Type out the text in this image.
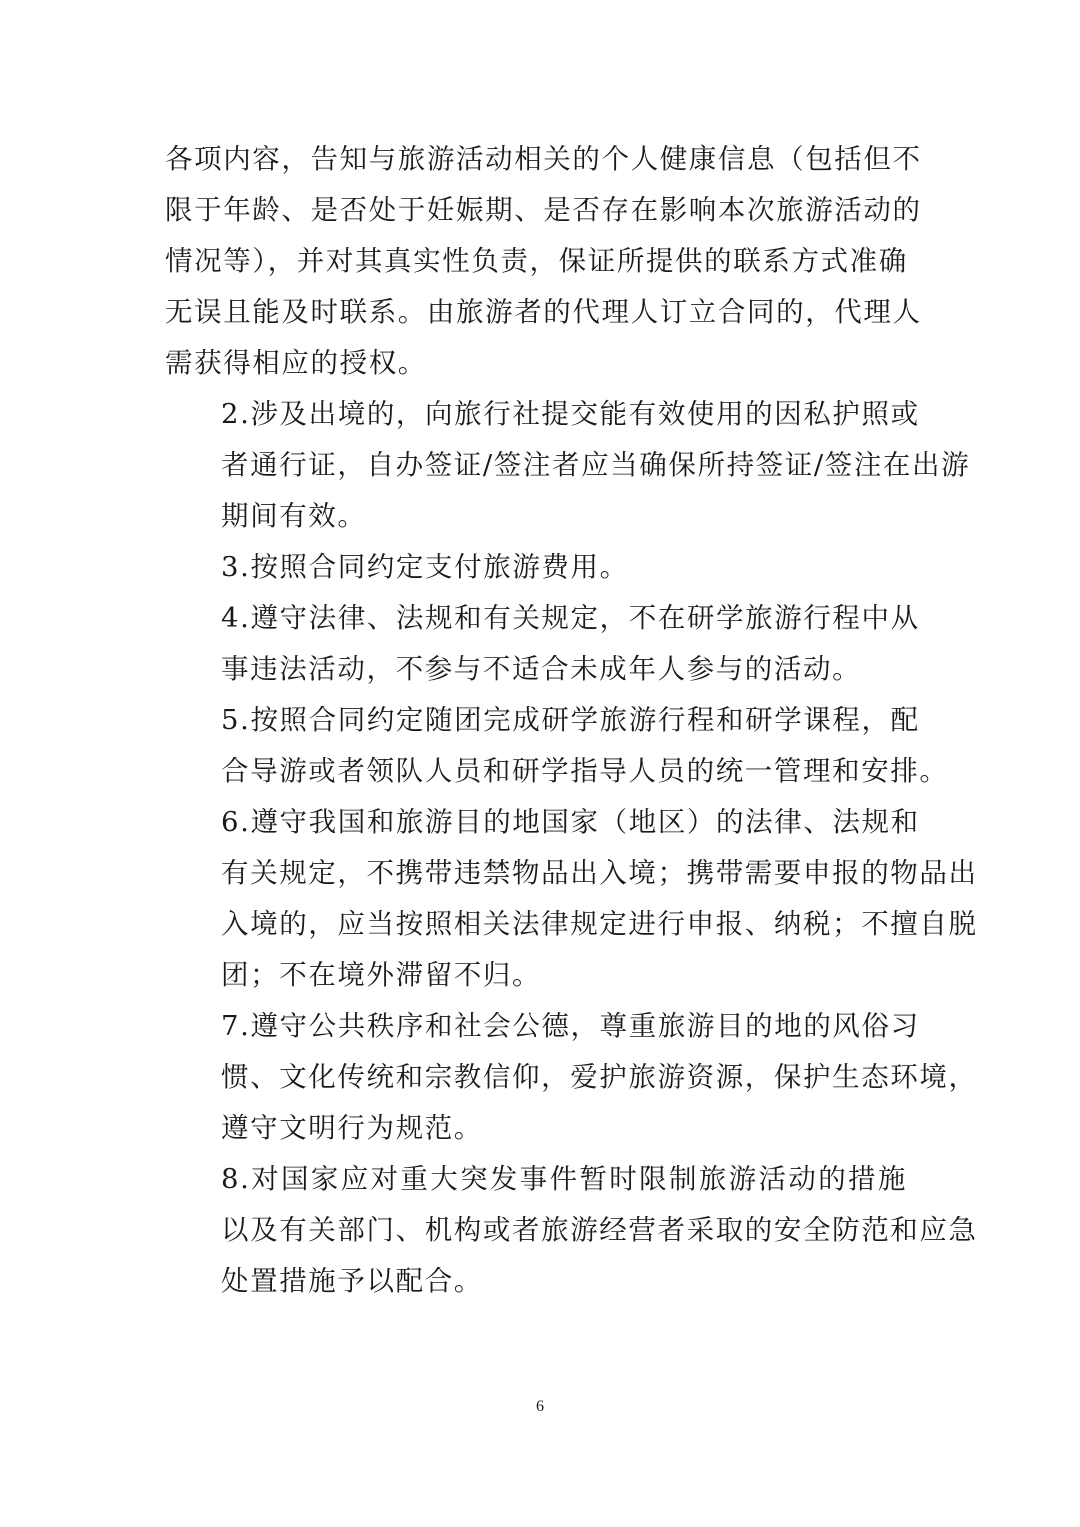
各项内容，告知与旅游活动相关的个人健康信息（包括但不
限于年龄、是否处于妊娠期、是否存在影响本次旅游活动的
情况等），并对其真实性负责，保证所提供的联系方式准确
无误且能及时联系。由旅游者的代理人订立合同的，代理人
需获得相应的授权。

2.涉及出境的，向旅行社提交能有效使用的因私护照或
者通行证，自办签证/签注者应当确保所持签证/签注在出游
期间有效。

3.按照合同约定支付旅游费用。

4.遵守法律、法规和有关规定，不在研学旅游行程中从
事违法活动，不参与不适合未成年人参与的活动。

5.按照合同约定随团完成研学旅游行程和研学课程，配
合导游或者领队人员和研学指导人员的统一管理和安排。

6.遵守我国和旅游目的地国家（地区）的法律、法规和
有关规定，不携带违禁物品出入境；携带需要申报的物品出
入境的，应当按照相关法律规定进行申报、纳税；不擅自脱
团；不在境外滞留不归。

7.遵守公共秩序和社会公德，尊重旅游目的地的风俗习
惯、文化传统和宗教信仰，爱护旅游资源，保护生态环境，
遵守文明行为规范。

8.对国家应对重大突发事件暂时限制旅游活动的措施
以及有关部门、机构或者旅游经营者采取的安全防范和应急
处置措施予以配合。

6
